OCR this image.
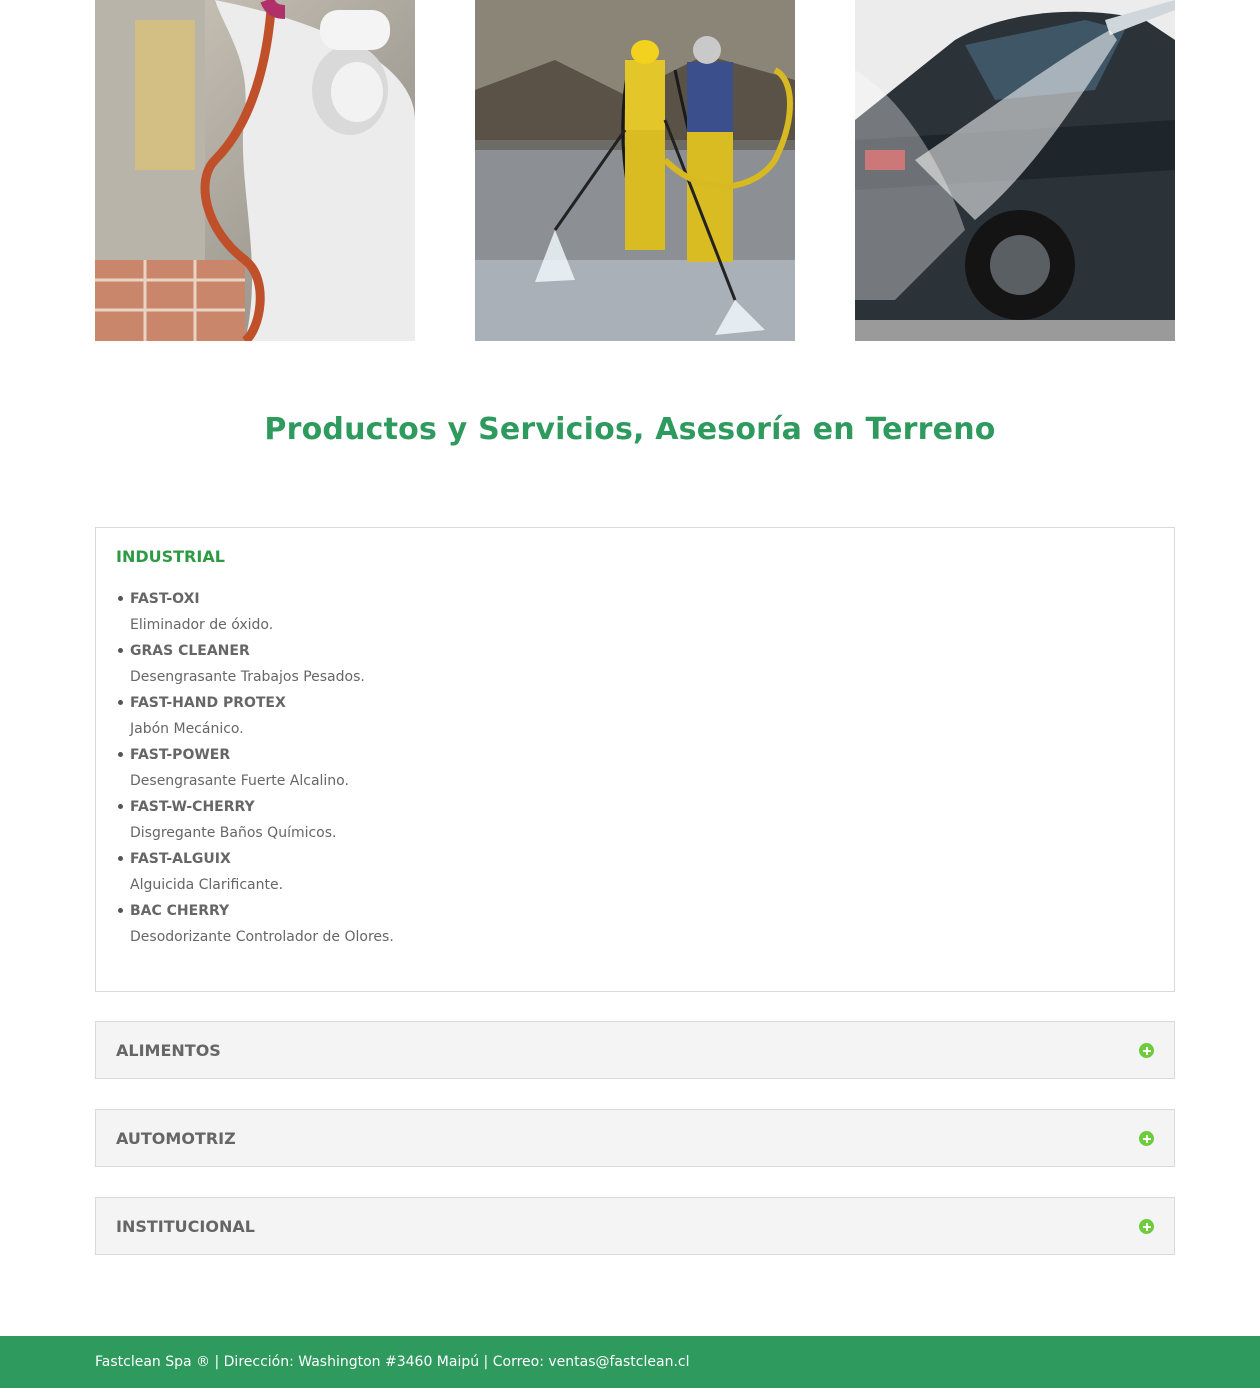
Productos y Servicios, Asesoría en Terreno
INDUSTRIAL
FAST-OXI
Eliminador de óxido.
GRAS CLEANER
Desengrasante Trabajos Pesados.
FAST-HAND PROTEX
Jabón Mecánico.
FAST-POWER
Desengrasante Fuerte Alcalino.
FAST-W-CHERRY
Disgregante Baños Químicos.
FAST-ALGUIX
Alguicida Clarificante.
BAC CHERRY
Desodorizante Controlador de Olores.
ALIMENTOS
AUTOMOTRIZ
INSTITUCIONAL

Fastclean Spa ® | Dirección: Washington #3460 Maipú | Correo: ventas@fastclean.cl
